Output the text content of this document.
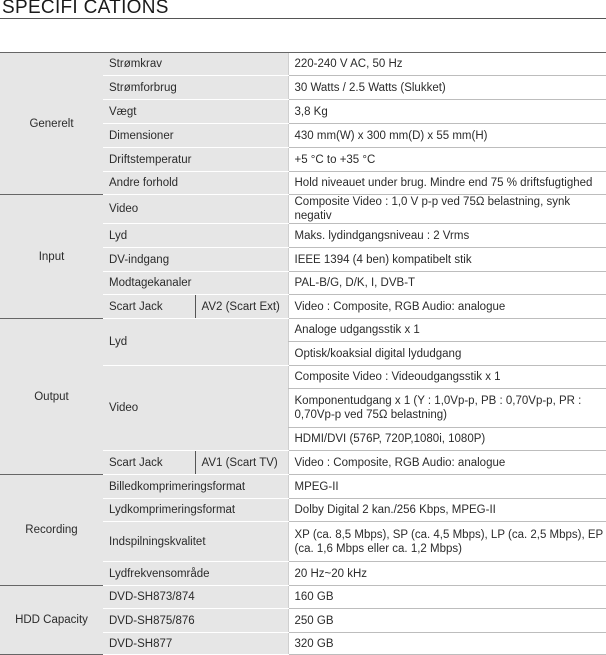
SPECIFI CATIONS
Generelt	Strømkrav		220-240 V AC, 50 Hz
	Strømforbrug		30 Watts / 2.5 Watts (Slukket)
	Vægt		3,8 Kg
	Dimensioner		430 mm(W) x 300 mm(D) x 55 mm(H)
	Driftstemperatur		+5 °C to +35 °C
	Andre forhold		Hold niveauet under brug. Mindre end 75 % driftsfugtighed
Input	Video		Composite Video : 1,0 V p-p ved 75Ω belastning, synk negativ
	Lyd		Maks. lydindgangsniveau : 2 Vrms
	DV-indgang		IEEE 1394 (4 ben) kompatibelt stik
	Modtagekanaler		PAL-B/G, D/K, I, DVB-T
	Scart Jack	AV2 (Scart Ext)	Video : Composite, RGB Audio: analogue
Output	Lyd		Analoge udgangsstik x 1
			Optisk/koaksial digital lydudgang
	Video		Composite Video : Videoudgangsstik x 1
			Komponentudgang x 1 (Y : 1,0Vp-p, PB : 0,70Vp-p, PR : 0,70Vp-p ved 75Ω belastning)
			HDMI/DVI (576P, 720P,1080i, 1080P)
	Scart Jack	AV1 (Scart TV)	Video : Composite, RGB Audio: analogue
Recording	Billedkomprimeringsformat		MPEG-II
	Lydkomprimeringsformat		Dolby Digital 2 kan./256 Kbps, MPEG-II
	Indspilningskvalitet		XP (ca. 8,5 Mbps), SP (ca. 4,5 Mbps), LP (ca. 2,5 Mbps), EP (ca. 1,6 Mbps eller ca. 1,2 Mbps)
	Lydfrekvensområde		20 Hz~20 kHz
HDD Capacity	DVD-SH873/874		160 GB
	DVD-SH875/876		250 GB
	DVD-SH877		320 GB
